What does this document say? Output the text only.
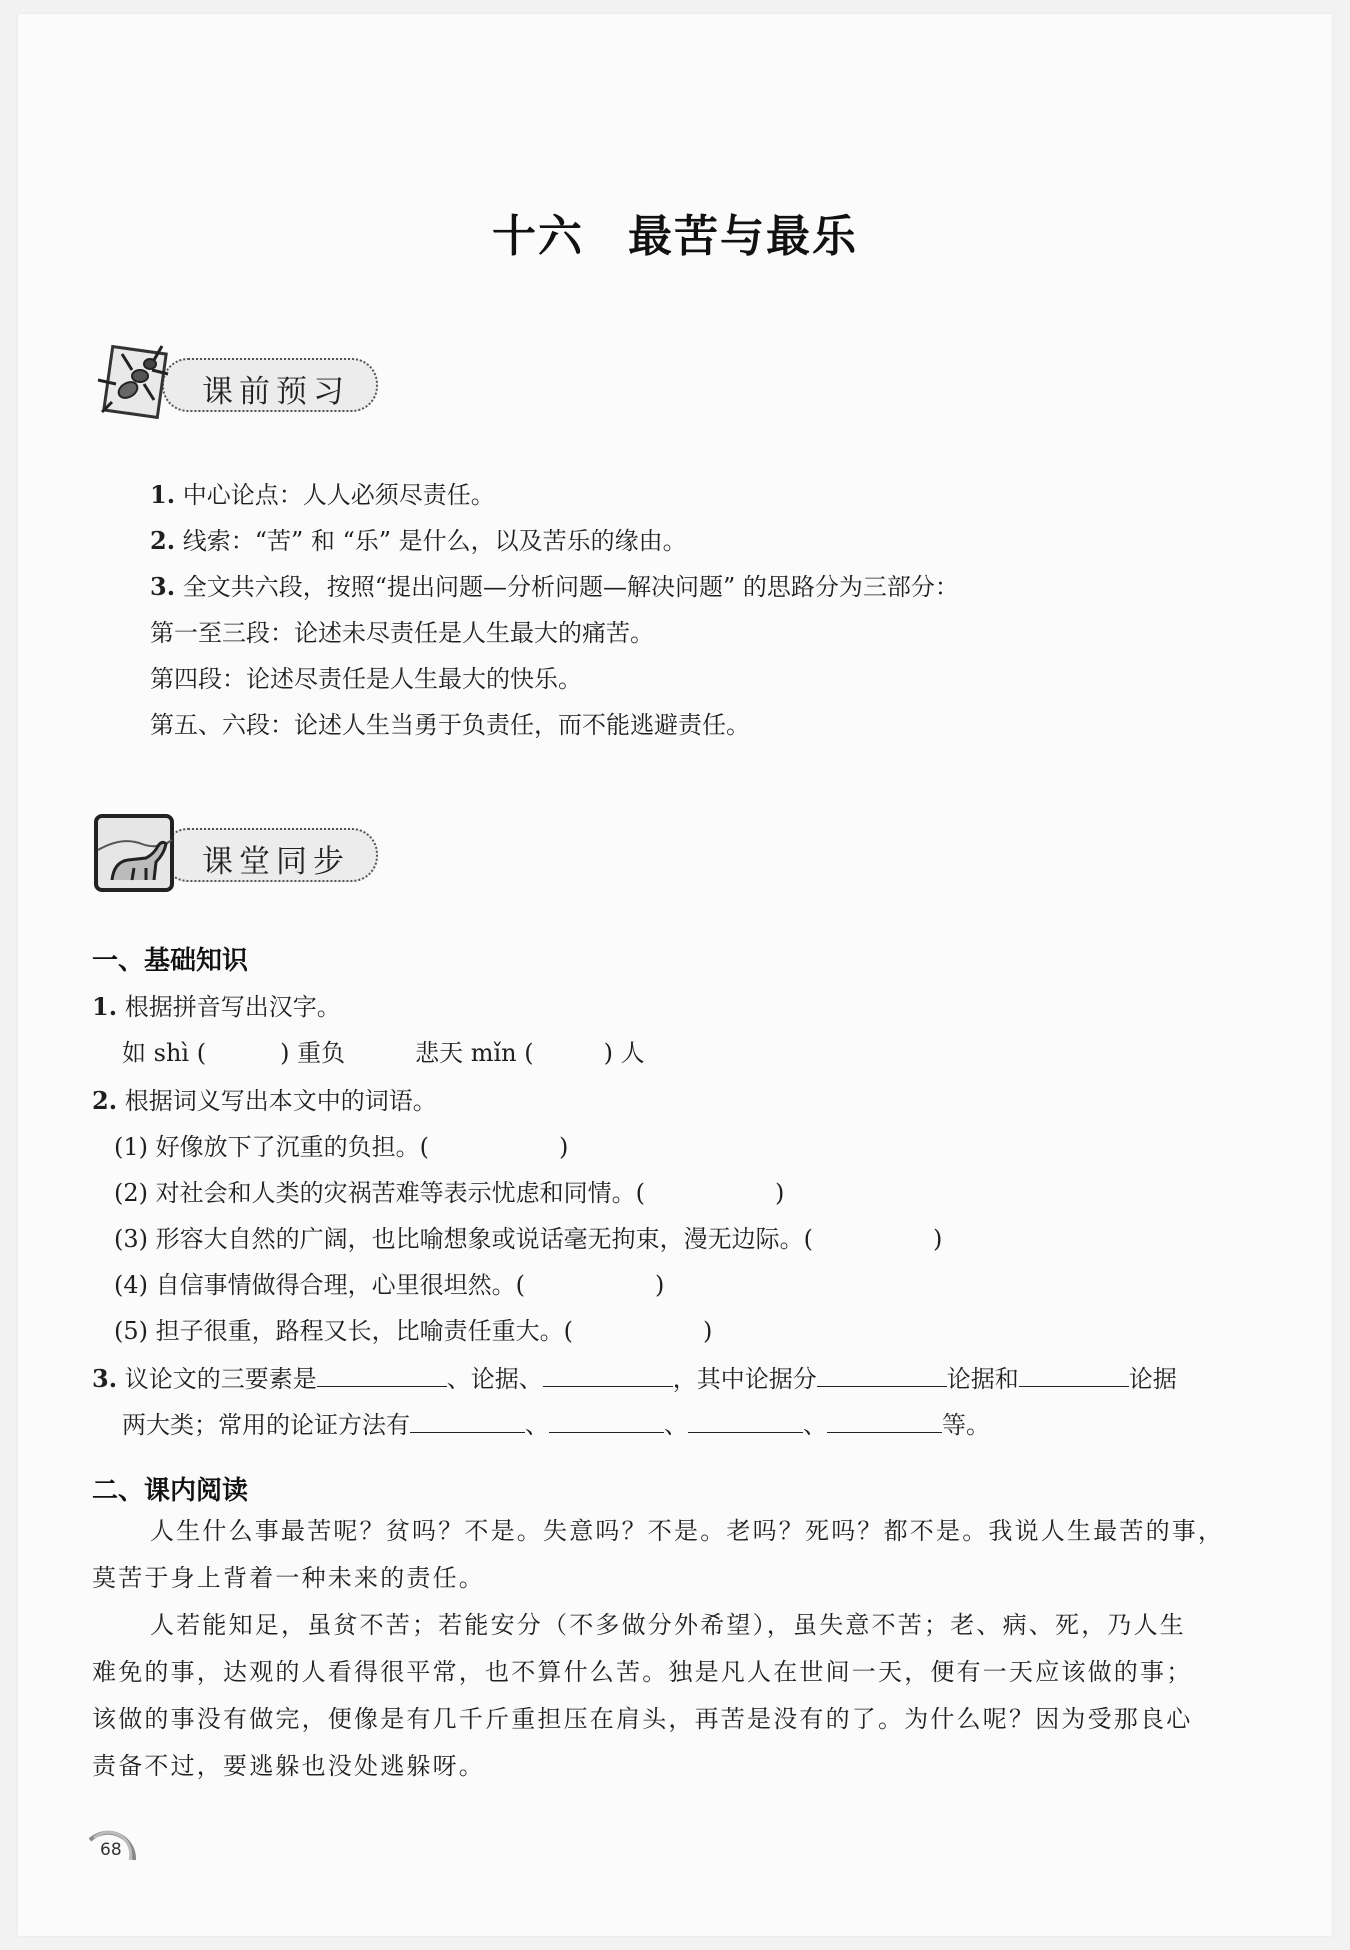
十六 最苦与最乐
课前预习
1. 中心论点：人人必须尽责任。
2. 线索：“苦” 和 “乐” 是什么，以及苦乐的缘由。
3. 全文共六段，按照“提出问题—分析问题—解决问题” 的思路分为三部分：
第一至三段：论述未尽责任是人生最大的痛苦。
第四段：论述尽责任是人生最大的快乐。
第五、六段：论述人生当勇于负责任，而不能逃避责任。
课堂同步
一、基础知识
1. 根据拼音写出汉字。
如 shì (	) 重负	悲天 mǐn (	) 人
2. 根据词义写出本文中的词语。
(1) 好像放下了沉重的负担。(	)
(2) 对社会和人类的灾祸苦难等表示忧虑和同情。(	)
(3) 形容大自然的广阔，也比喻想象或说话毫无拘束，漫无边际。(	)
(4) 自信事情做得合理，心里很坦然。(	)
(5) 担子很重，路程又长，比喻责任重大。(	)
3. 议论文的三要素是	、论据、	，其中论据分	论据和	论据
两大类；常用的论证方法有	、	、	、	等。
二、课内阅读
人生什么事最苦呢？贫吗？不是。失意吗？不是。老吗？死吗？都不是。我说人生最苦的事，
莫苦于身上背着一种未来的责任。
人若能知足，虽贫不苦；若能安分（不多做分外希望），虽失意不苦；老、病、死，乃人生
难免的事，达观的人看得很平常，也不算什么苦。独是凡人在世间一天，便有一天应该做的事；
该做的事没有做完，便像是有几千斤重担压在肩头，再苦是没有的了。为什么呢？因为受那良心
责备不过，要逃躲也没处逃躲呀。
68
